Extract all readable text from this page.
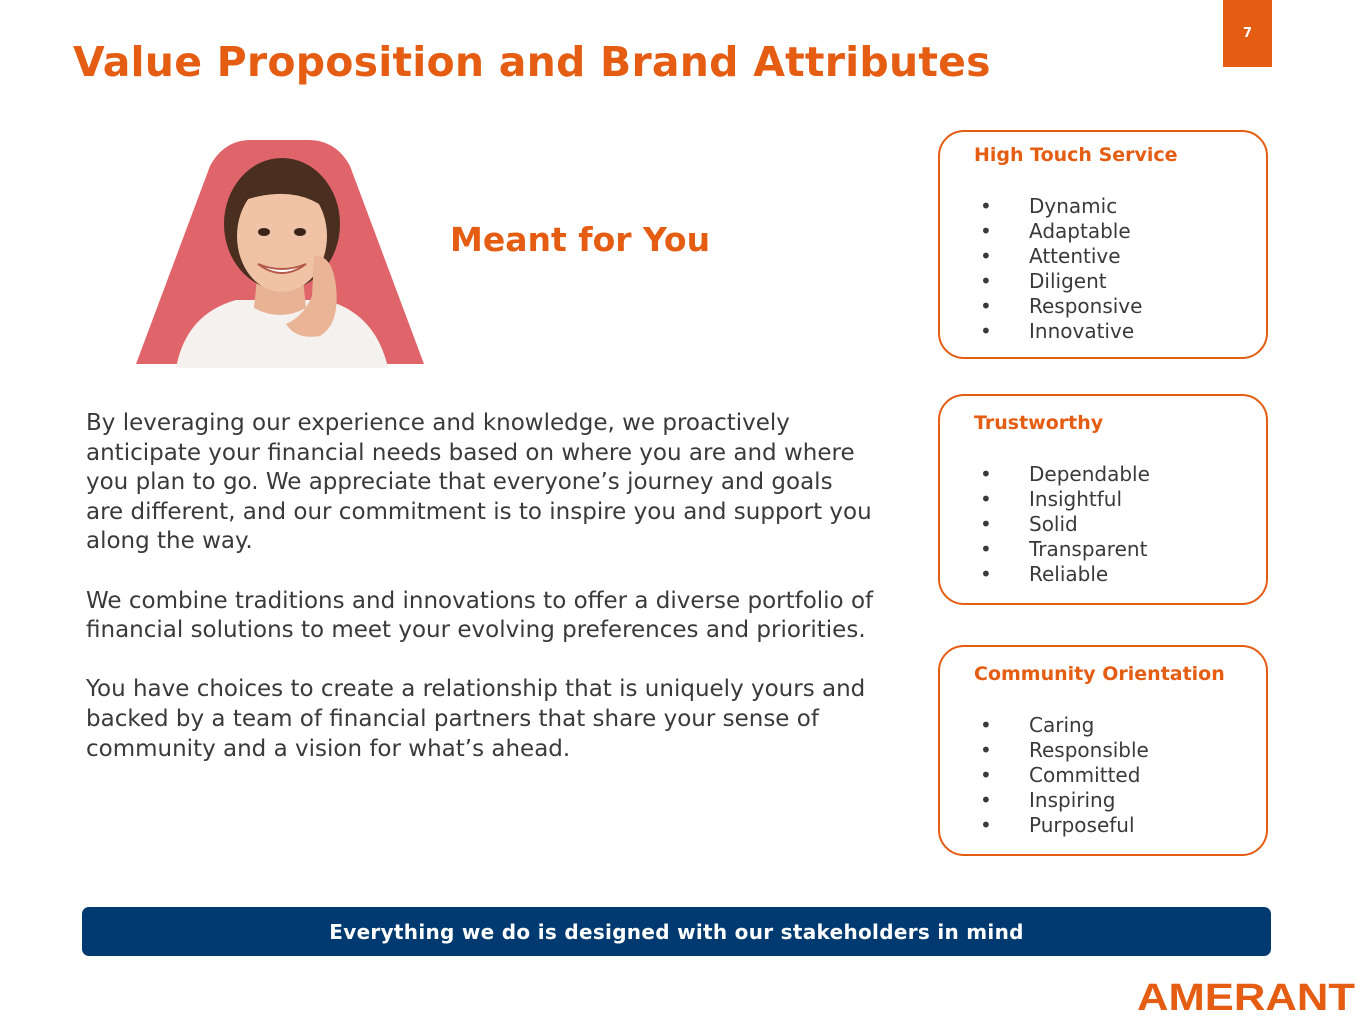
7
Value Proposition and Brand Attributes
Meant for You

By leveraging our experience and knowledge, we proactively anticipate your financial needs based on where you are and where you plan to go. We appreciate that everyone’s journey and goals are different, and our commitment is to inspire you and support you along the way.

We combine traditions and innovations to offer a diverse portfolio of financial solutions to meet your evolving preferences and priorities.

You have choices to create a relationship that is uniquely yours and backed by a team of financial partners that share your sense of community and a vision for what’s ahead.

High Touch Service
•	Dynamic
•	Adaptable
•	Attentive
•	Diligent
•	Responsive
•	Innovative
Trustworthy
•	Dependable
•	Insightful
•	Solid
•	Transparent
•	Reliable
Community Orientation
•	Caring
•	Responsible
•	Committed
•	Inspiring
•	Purposeful
Everything we do is designed with our stakeholders in mind
AMERANT
